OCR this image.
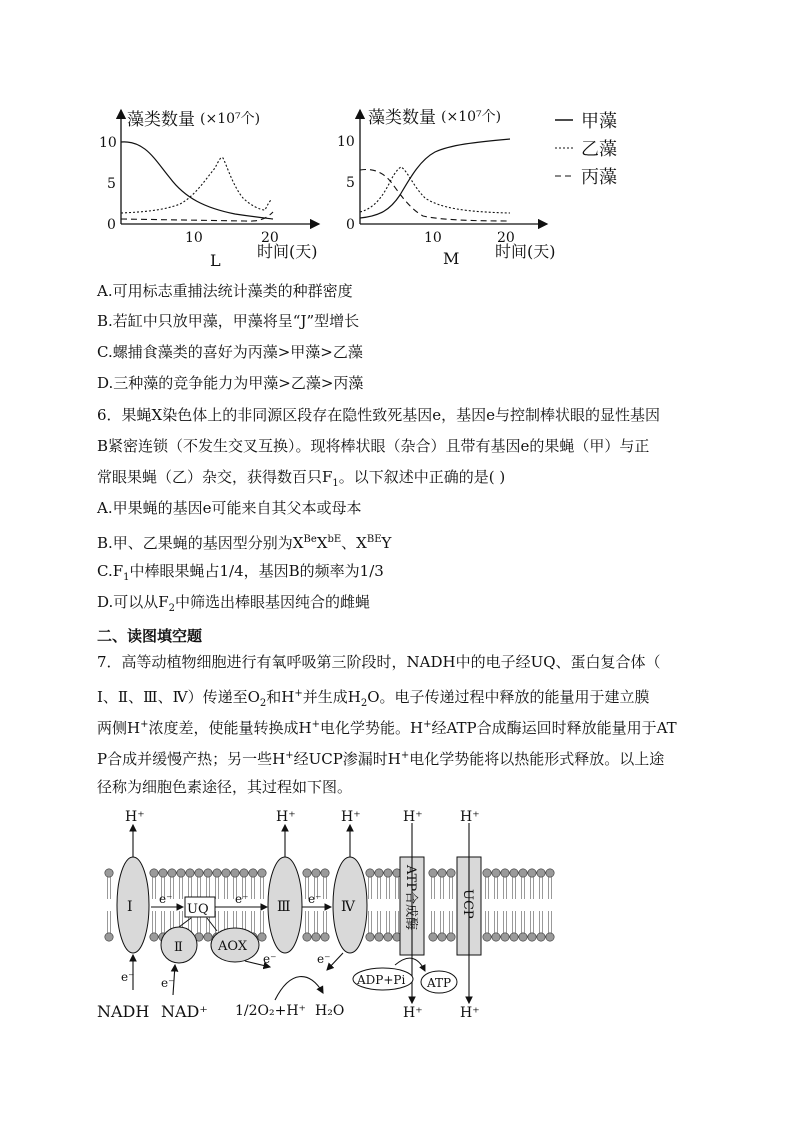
藻类数量 (×10⁷个)
10
5
0
10	20
时间(天)
L
藻类数量 (×10⁷个)
10
5
0
10	20
时间(天)
M
甲藻
乙藻
丙藻
A.可用标志重捕法统计藻类的种群密度
B.若缸中只放甲藻，甲藻将呈“J”型增长
C.螺捕食藻类的喜好为丙藻>甲藻>乙藻
D.三种藻的竞争能力为甲藻>乙藻>丙藻
6．果蝇X染色体上的非同源区段存在隐性致死基因e，基因e与控制棒状眼的显性基因
B紧密连锁（不发生交叉互换）。现将棒状眼（杂合）且带有基因e的果蝇（甲）与正
常眼果蝇（乙）杂交，获得数百只$F_1$。以下叙述中正确的是( )
A.甲果蝇的基因e可能来自其父本或母本
B.甲、乙果蝇的基因型分别为$X^{Be}X^{bE}$、$X^{BE}Y$
$C.F_1$中棒眼果蝇占1/4，基因B的频率为1/3
D.可以从$F_2$中筛选出棒眼基因纯合的雌蝇
二、读图填空题
7．高等动植物细胞进行有氧呼吸第三阶段时，NADH中的电子经UQ、蛋白复合体（
Ⅰ、Ⅱ、Ⅲ、Ⅳ）传递至$O_2$和H+并生成$H_2O$。电子传递过程中释放的能量用于建立膜
两侧H+浓度差，使能量转换成H+电化学势能。H+经ATP合成酶运回时释放能量用于AT
P合成并缓慢产热；另一些H+经UCP渗漏时H+电化学势能将以热能形式释放。以上途
径称为细胞色素途径，其过程如下图。
Ⅰ
H⁺
e⁻
NADH
e⁻
UQ
Ⅱ
e⁻
NAD⁺
AOX
e⁻
e⁻ Ⅲ
H⁺
e⁻ Ⅳ
H⁺
e⁻
1/2O₂+H⁺ H₂O
ATP合成酶
H⁺
H⁺
ADP+Pi ATP
UCP
H⁺
H⁺
